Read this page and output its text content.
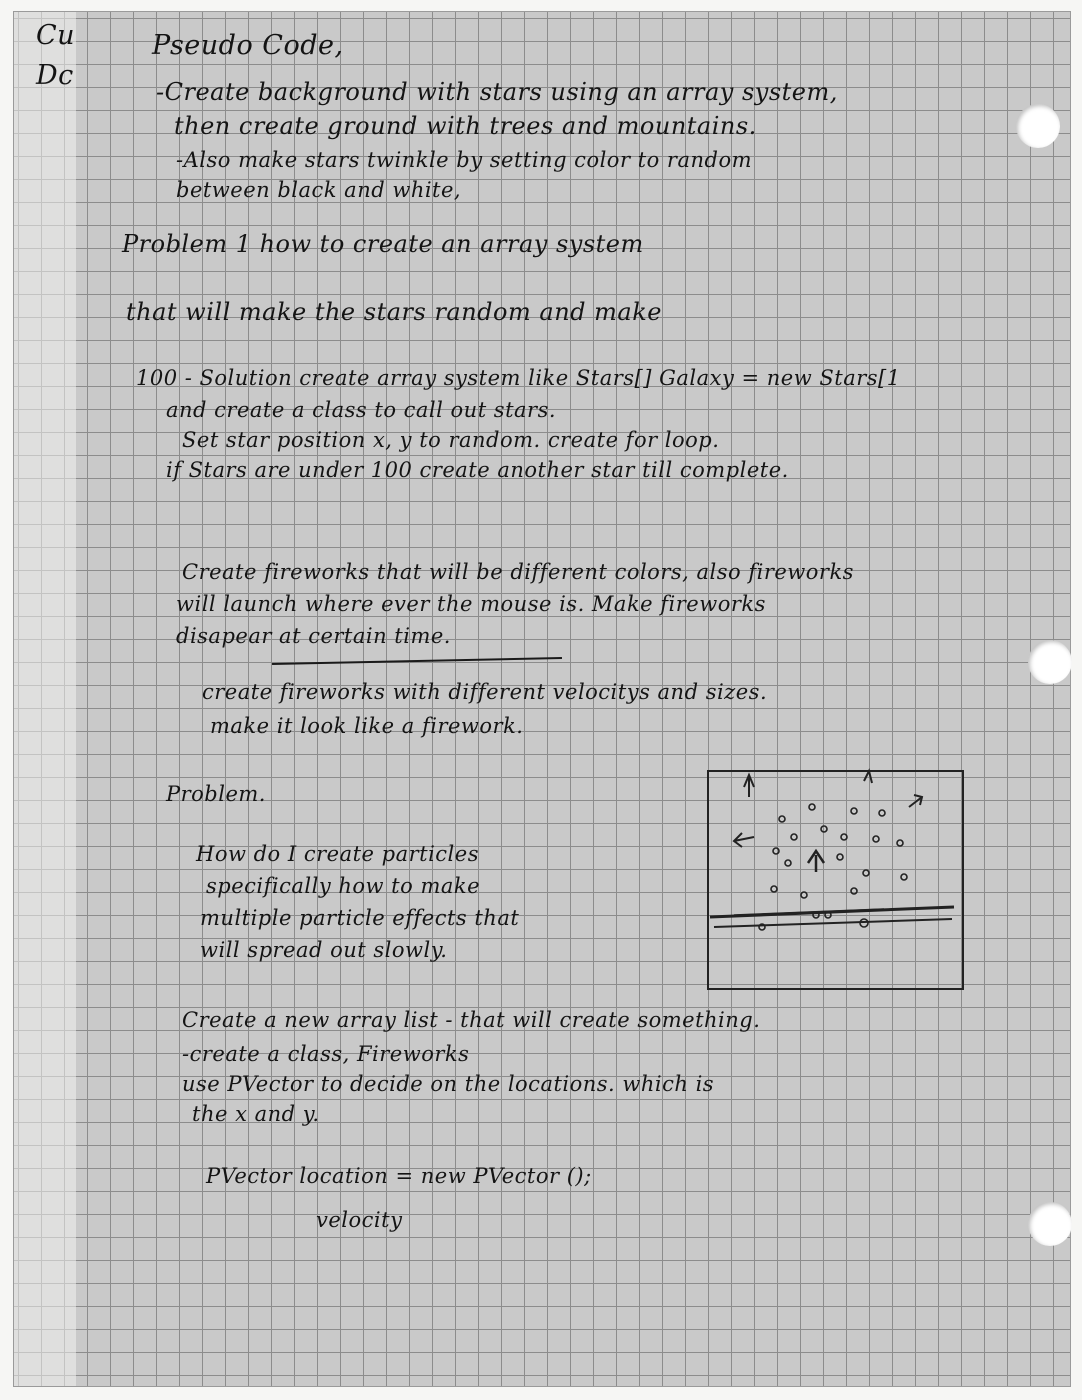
Cu

Dc

Pseudo Code,

-Create background with stars using an array system,

then create ground with trees and mountains.

-Also make stars twinkle by setting color to random

between black and white,

Problem 1 how to create an array system

that will make the stars random and make

100 - Solution create array system like Stars[] Galaxy = new Stars[1

and create a class to call out stars.

Set star position x, y to random. create for loop.

if Stars are under 100 create another star till complete.

Create fireworks that will be different colors, also fireworks

will launch where ever the mouse is. Make fireworks

disapear at certain time.

create fireworks with different velocitys and sizes.

make it look like a firework.

Problem.

How do I create particles

specifically how to make

multiple particle effects that

will spread out slowly.

Create a new array list - that will create something.

-create a class, Fireworks

use PVector to decide on the locations. which is

the x and y.

PVector location = new PVector ();

velocity
